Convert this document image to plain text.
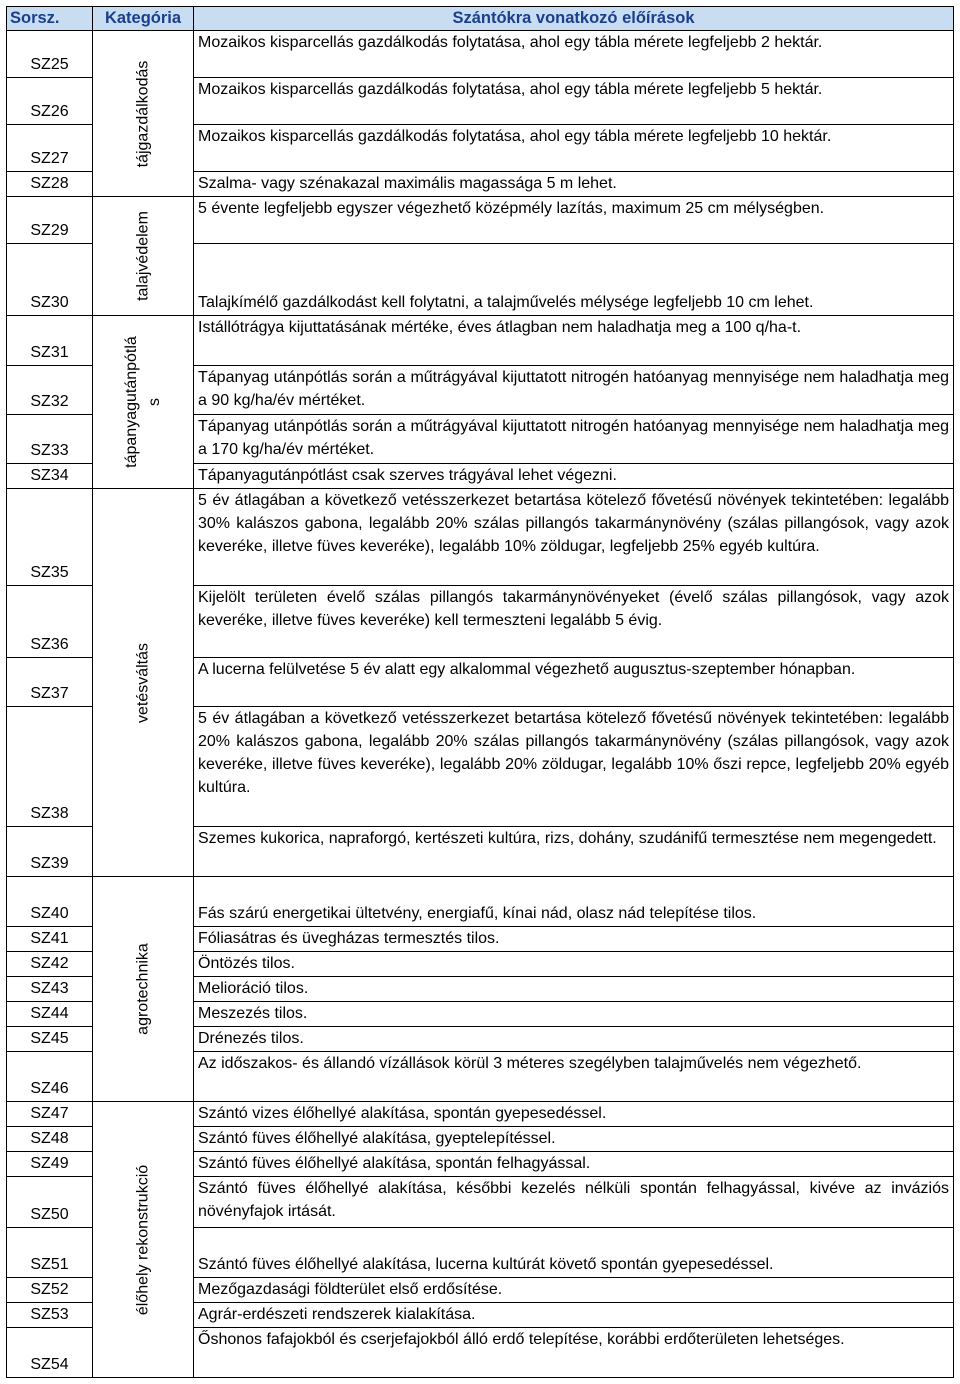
Sorsz.	Kategória	Szántókra vonatkozó előírások
SZ25	tájgazdálkodás	Mozaikos kisparcellás gazdálkodás folytatása, ahol egy tábla mérete legfeljebb 2 hektár.
SZ26		Mozaikos kisparcellás gazdálkodás folytatása, ahol egy tábla mérete legfeljebb 5 hektár.
SZ27		Mozaikos kisparcellás gazdálkodás folytatása, ahol egy tábla mérete legfeljebb 10 hektár.
SZ28		Szalma- vagy szénakazal maximális magassága 5 m lehet.
SZ29	talajvédelem	5 évente legfeljebb egyszer végezhető középmély lazítás, maximum 25 cm mélységben.
SZ30		Talajkímélő gazdálkodást kell folytatni, a talajművelés mélysége legfeljebb 10 cm lehet.
SZ31	tápanyagutánpótlá s	Istállótrágya kijuttatásának mértéke, éves átlagban nem haladhatja meg a 100 q/ha-t.
SZ32		Tápanyag utánpótlás során a műtrágyával kijuttatott nitrogén hatóanyag mennyisége nem haladhatja meg a 90 kg/ha/év mértéket.
SZ33		Tápanyag utánpótlás során a műtrágyával kijuttatott nitrogén hatóanyag mennyisége nem haladhatja meg a 170 kg/ha/év mértéket.
SZ34		Tápanyagutánpótlást csak szerves trágyával lehet végezni.
SZ35	vetésváltás	5 év átlagában a következő vetésszerkezet betartása kötelező fővetésű növények tekintetében: legalább 30% kalászos gabona, legalább 20% szálas pillangós takarmánynövény (szálas pillangósok, vagy azok keveréke, illetve füves keveréke), legalább 10% zöldugar, legfeljebb 25% egyéb kultúra.
SZ36		Kijelölt területen évelő szálas pillangós takarmánynövényeket (évelő szálas pillangósok, vagy azok keveréke, illetve füves keveréke) kell termeszteni legalább 5 évig.
SZ37		A lucerna felülvetése 5 év alatt egy alkalommal végezhető augusztus-szeptember hónapban.
SZ38		5 év átlagában a következő vetésszerkezet betartása kötelező fővetésű növények tekintetében: legalább 20% kalászos gabona, legalább 20% szálas pillangós takarmánynövény (szálas pillangósok, vagy azok keveréke, illetve füves keveréke), legalább 20% zöldugar, legalább 10% őszi repce, legfeljebb 20% egyéb kultúra.
SZ39		Szemes kukorica, napraforgó, kertészeti kultúra, rizs, dohány, szudánifű termesztése nem megengedett.
SZ40	agrotechnika	Fás szárú energetikai ültetvény, energiafű, kínai nád, olasz nád telepítése tilos.
SZ41		Fóliasátras és üvegházas termesztés tilos.
SZ42		Öntözés tilos.
SZ43		Melioráció tilos.
SZ44		Meszezés tilos.
SZ45		Drénezés tilos.
SZ46		Az időszakos- és állandó vízállások körül 3 méteres szegélyben talajművelés nem végezhető.
SZ47	élőhely rekonstrukció	Szántó vizes élőhellyé alakítása, spontán gyepesedéssel.
SZ48		Szántó füves élőhellyé alakítása, gyeptelepítéssel.
SZ49		Szántó füves élőhellyé alakítása, spontán felhagyással.
SZ50		Szántó füves élőhellyé alakítása, későbbi kezelés nélküli spontán felhagyással, kivéve az inváziós növényfajok irtását.
SZ51		Szántó füves élőhellyé alakítása, lucerna kultúrát követő spontán gyepesedéssel.
SZ52		Mezőgazdasági földterület első erdősítése.
SZ53		Agrár-erdészeti rendszerek kialakítása.
SZ54		Őshonos fafajokból és cserjefajokból álló erdő telepítése, korábbi erdőterületen lehetséges.
